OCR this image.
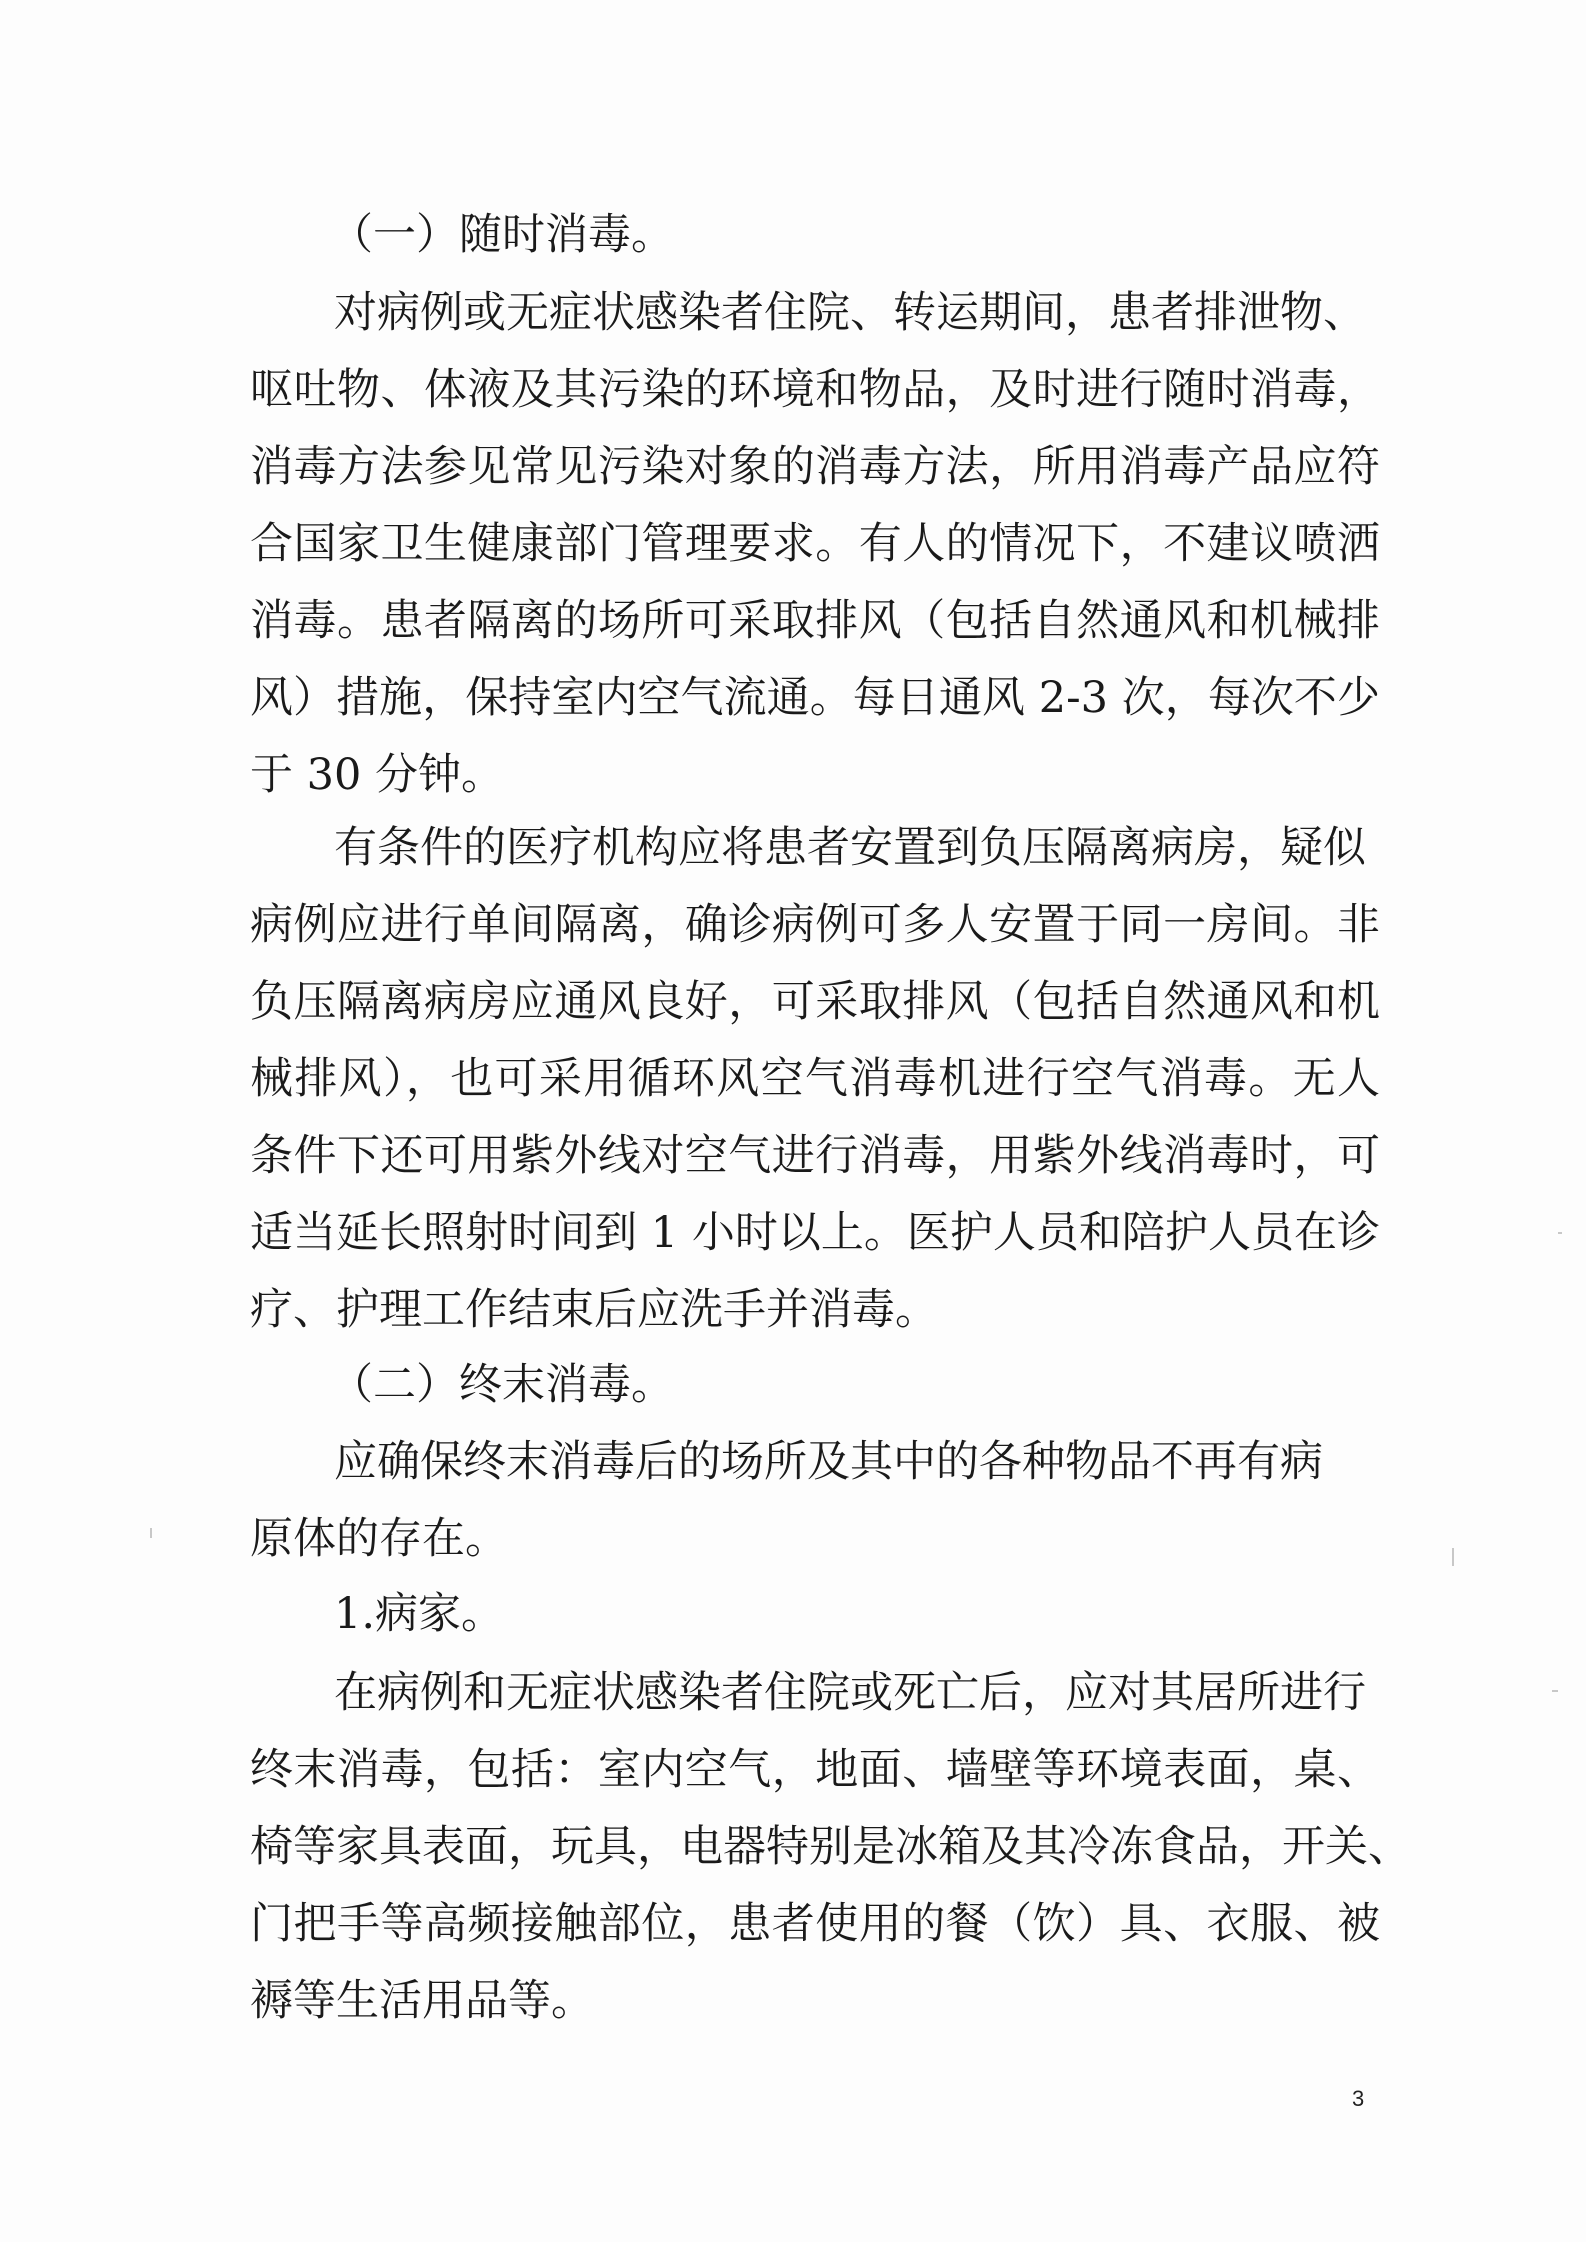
（一）随时消毒。
对病例或无症状感染者住院、转运期间，患者排泄物、
呕吐物、体液及其污染的环境和物品，及时进行随时消毒，
消毒方法参见常见污染对象的消毒方法，所用消毒产品应符
合国家卫生健康部门管理要求。有人的情况下，不建议喷洒
消毒。患者隔离的场所可采取排风（包括自然通风和机械排
风）措施，保持室内空气流通。每日通风 2-3 次，每次不少
于 30 分钟。
有条件的医疗机构应将患者安置到负压隔离病房，疑似
病例应进行单间隔离，确诊病例可多人安置于同一房间。非
负压隔离病房应通风良好，可采取排风（包括自然通风和机
械排风），也可采用循环风空气消毒机进行空气消毒。无人
条件下还可用紫外线对空气进行消毒，用紫外线消毒时，可
适当延长照射时间到 1 小时以上。医护人员和陪护人员在诊
疗、护理工作结束后应洗手并消毒。
（二）终末消毒。
应确保终末消毒后的场所及其中的各种物品不再有病
原体的存在。
1.病家。
在病例和无症状感染者住院或死亡后，应对其居所进行
终末消毒，包括：室内空气，地面、墙壁等环境表面，桌、
椅等家具表面，玩具，电器特别是冰箱及其冷冻食品，开关、
门把手等高频接触部位，患者使用的餐（饮）具、衣服、被
褥等生活用品等。
3
